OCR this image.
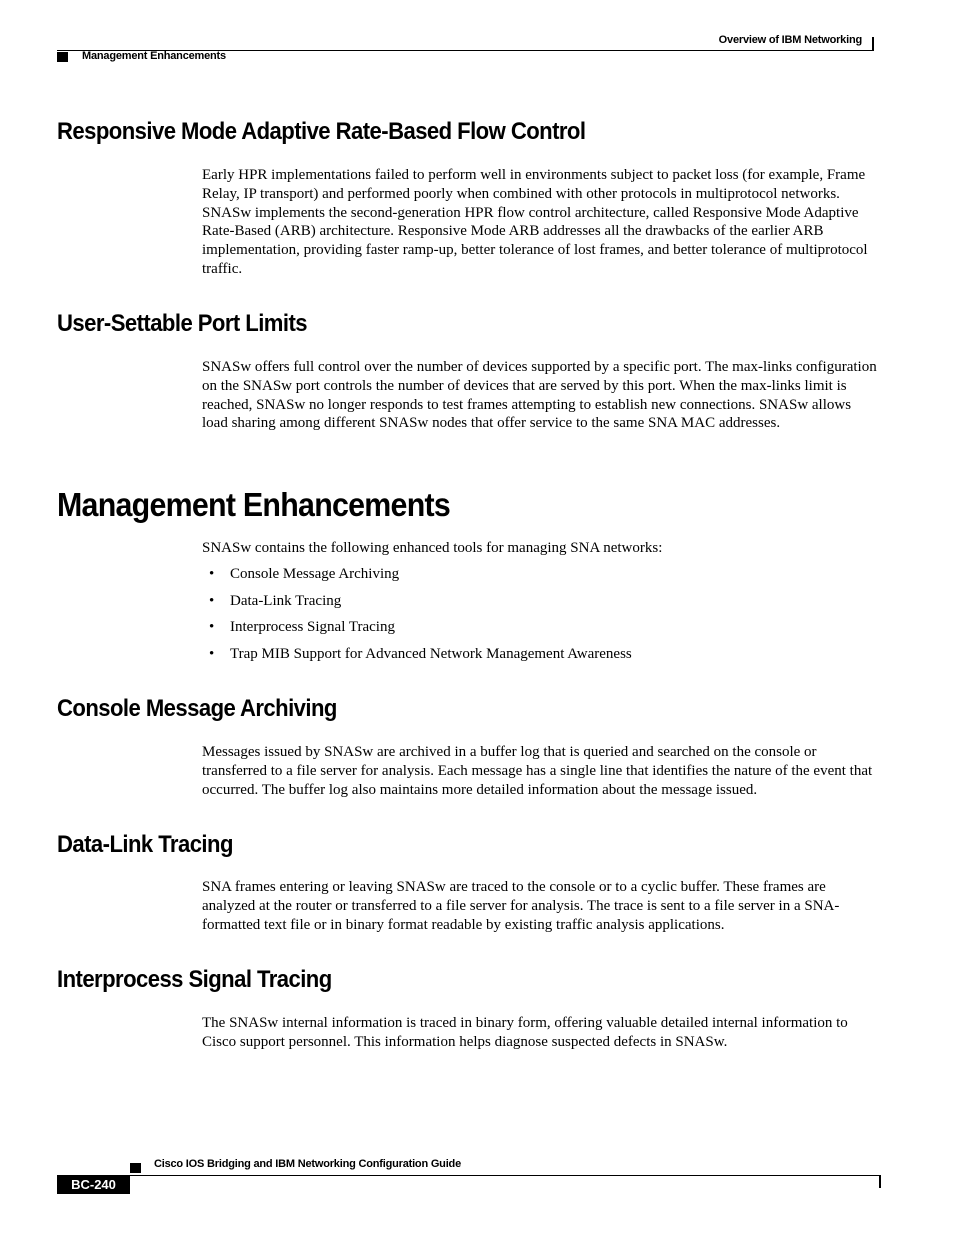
Overview of IBM Networking
Management Enhancements
Responsive Mode Adaptive Rate-Based Flow Control

Early HPR implementations failed to perform well in environments subject to packet loss (for example, Frame Relay, IP transport) and performed poorly when combined with other protocols in multiprotocol networks. SNASw implements the second-generation HPR flow control architecture, called Responsive Mode Adaptive Rate-Based (ARB) architecture. Responsive Mode ARB addresses all the drawbacks of the earlier ARB implementation, providing faster ramp-up, better tolerance of lost frames, and better tolerance of multiprotocol traffic.

User-Settable Port Limits

SNASw offers full control over the number of devices supported by a specific port. The max-links configuration on the SNASw port controls the number of devices that are served by this port. When the max-links limit is reached, SNASw no longer responds to test frames attempting to establish new connections. SNASw allows load sharing among different SNASw nodes that offer service to the same SNA MAC addresses.

Management Enhancements

SNASw contains the following enhanced tools for managing SNA networks:

• Console Message Archiving
• Data-Link Tracing
• Interprocess Signal Tracing
• Trap MIB Support for Advanced Network Management Awareness
Console Message Archiving

Messages issued by SNASw are archived in a buffer log that is queried and searched on the console or transferred to a file server for analysis. Each message has a single line that identifies the nature of the event that occurred. The buffer log also maintains more detailed information about the message issued.

Data-Link Tracing

SNA frames entering or leaving SNASw are traced to the console or to a cyclic buffer. These frames are analyzed at the router or transferred to a file server for analysis. The trace is sent to a file server in a SNA-formatted text file or in binary format readable by existing traffic analysis applications.

Interprocess Signal Tracing

The SNASw internal information is traced in binary form, offering valuable detailed internal information to Cisco support personnel. This information helps diagnose suspected defects in SNASw.

Cisco IOS Bridging and IBM Networking Configuration Guide
BC-240
